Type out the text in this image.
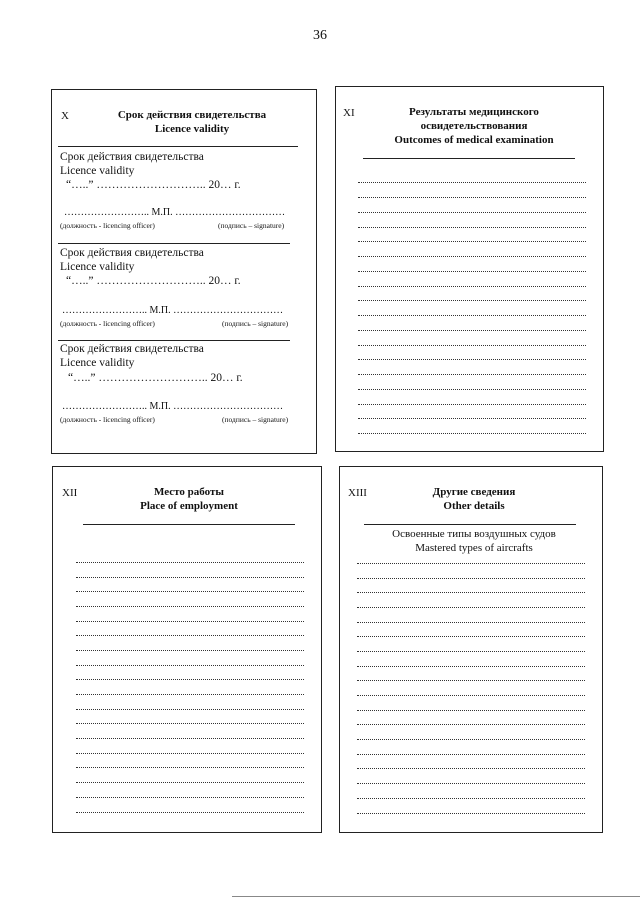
36
X	Срок действия свидетельства
Licence validity
Срок действия свидетельства
Licence validity
“…..” ……………………….. 20… г.
…………………….. М.П. ……………………………
(должность - licencing officer)	(подпись – signature)
Срок действия свидетельства
Licence validity
“…..” ……………………….. 20… г.
…………………….. М.П. ……………………………
(должность - licencing officer)	(подпись – signature)
Срок действия свидетельства
Licence validity
“…..” ……………………….. 20… г.
…………………….. М.П. ……………………………
(должность - licencing officer)	(подпись – signature)
XI	Результаты медицинского
освидетельствования
Outcomes of medical examination
XII	Место работы
Place of employment
XIII	Другие сведения
Other details
Освоенные типы воздушных судов
Mastered types of aircrafts
